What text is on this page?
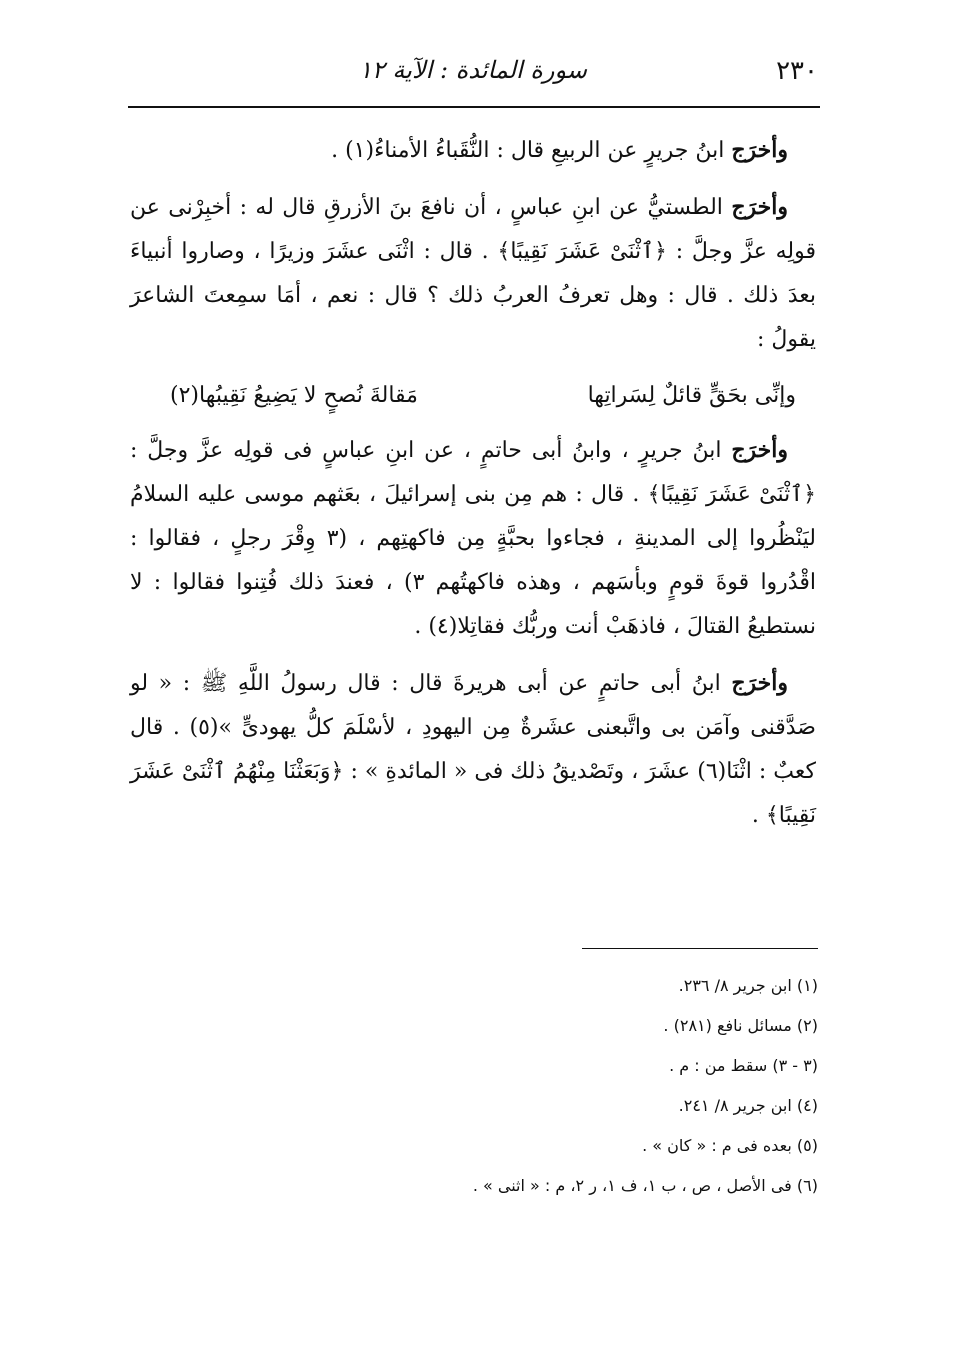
٢٣٠
سورة المائدة : الآية ١٢

وأخرَج ابنُ جريرٍ عن الربيعِ قال : النُّقَباءُ الأمناءُ(١) .

وأخرَج الطستيُّ عن ابنِ عباسٍ ، أن نافعَ بنَ الأزرقِ قال له : أخبِرْنى عن قولِه عزَّ وجلَّ : ﴿ٱثْنَىْ عَشَرَ نَقِيبًا﴾ . قال : اثْنَى عشَرَ وزيرًا ، وصاروا أنبياءَ بعدَ ذلك . قال : وهل تعرفُ العربُ ذلك ؟ قال : نعم ، أمَا سمِعتَ الشاعرَ يقولُ :

وإنِّى بحَقٍّ قائلٌ لِسَراتِها
مَقالةَ نُصحٍ لا يَضِيعُ نَقِيبُها(٢)

وأخرَج ابنُ جريرٍ ، وابنُ أبى حاتمٍ ، عن ابنِ عباسٍ فى قولِه عزَّ وجلَّ : ﴿ٱثْنَىْ عَشَرَ نَقِيبًا﴾ . قال : هم مِن بنى إسرائيلَ ، بعَثهم موسى عليه السلامُ ليَنْظُروا إلى المدينةِ ، فجاءوا بحبَّةٍ مِن فاكهتِهم ، (٣ وِقْرَ رجلٍ ، فقالوا : اقْدُروا قوةَ قومٍ وبأسَهم ، وهذه فاكهتُهم ٣) ، فعندَ ذلك فُتِنوا فقالوا : لا نستطيعُ القتالَ ، فاذهَبْ أنت وربُّك فقاتِلا(٤) .

وأخرَج ابنُ أبى حاتمٍ عن أبى هريرةَ قال : قال رسولُ اللَّهِ ﷺ : « لو صَدَّقنى وآمَن بى واتَّبعنى عشَرةٌ مِن اليهودِ ، لأسْلَمَ كلُّ يهودىٍّ »(٥) . قال كعبٌ : اثْنَا(٦) عشَرَ ، وتَصْديقُ ذلك فى « المائدةِ » : ﴿وَبَعَثْنَا مِنْهُمُ ٱثْنَىْ عَشَرَ نَقِيبًا﴾ .

(١) ابن جرير ٨/ ٢٣٦.
(٢) مسائل نافع (٢٨١) .
(٣ - ٣) سقط من : م .
(٤) ابن جرير ٨/ ٢٤١.
(٥) بعده فى م : « كان » .
(٦) فى الأصل ، ص ، ب ١، ف ١، ر ٢، م : « اثنى » .
